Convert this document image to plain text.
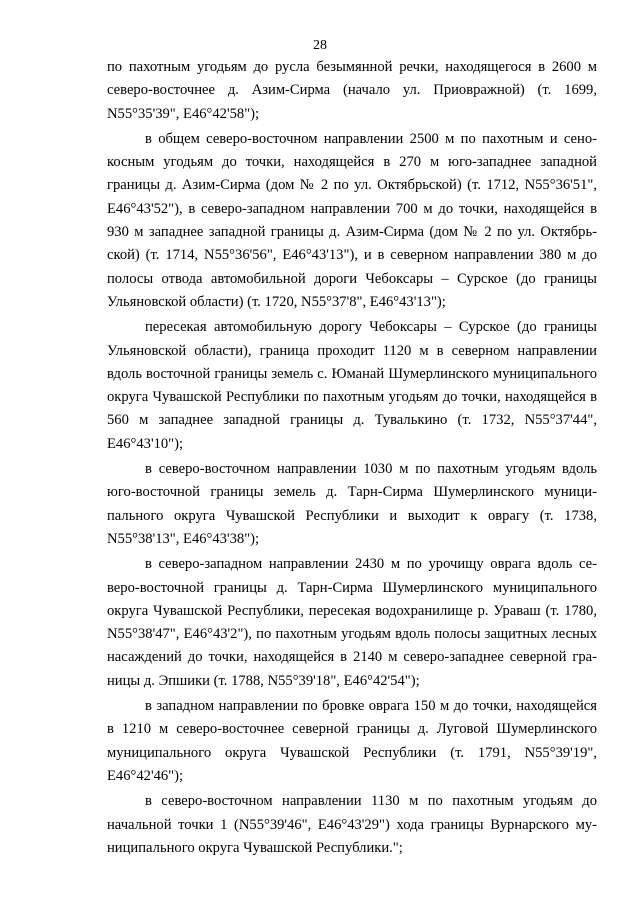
28

по пахотным угодьям до русла безымянной речки, находящегося в 2600 м северо-восточнее д. Азим-Сирма (начало ул. Приовражной) (т. 1699, N55°35'39", E46°42'58");

в общем северо-восточном направлении 2500 м по пахотным и сенокосным угодьям до точки, находящейся в 270 м юго-западнее западной границы д. Азим-Сирма (дом № 2 по ул. Октябрьской) (т. 1712, N55°36'51", E46°43'52"), в северо-западном направлении 700 м до точки, находящейся в 930 м западнее западной границы д. Азим-Сирма (дом № 2 по ул. Октябрьской) (т. 1714, N55°36'56", E46°43'13"), и в северном направлении 380 м до полосы отвода автомобильной дороги Чебоксары – Сурское (до границы Ульяновской области) (т. 1720, N55°37'8", E46°43'13");

пересекая автомобильную дорогу Чебоксары – Сурское (до границы Ульяновской области), граница проходит 1120 м в северном направлении вдоль восточной границы земель с. Юманай Шумерлинского муниципального округа Чувашской Республики по пахотным угодьям до точки, находящейся в 560 м западнее западной границы д. Тувалькино (т. 1732, N55°37'44", E46°43'10");

в северо-восточном направлении 1030 м по пахотным угодьям вдоль юго-восточной границы земель д. Тарн-Сирма Шумерлинского муниципального округа Чувашской Республики и выходит к оврагу (т. 1738, N55°38'13", E46°43'38");

в северо-западном направлении 2430 м по урочищу оврага вдоль северо-восточной границы д. Тарн-Сирма Шумерлинского муниципального округа Чувашской Республики, пересекая водохранилище р. Ураваш (т. 1780, N55°38'47", E46°43'2"), по пахотным угодьям вдоль полосы защитных лесных насаждений до точки, находящейся в 2140 м северо-западнее северной границы д. Эпшики (т. 1788, N55°39'18", E46°42'54");

в западном направлении по бровке оврага 150 м до точки, находящейся в 1210 м северо-восточнее северной границы д. Луговой Шумерлинского муниципального округа Чувашской Республики (т. 1791, N55°39'19", E46°42'46");

в северо-восточном направлении 1130 м по пахотным угодьям до начальной точки 1 (N55°39'46", E46°43'29") хода границы Вурнарского муниципального округа Чувашской Республики.";
